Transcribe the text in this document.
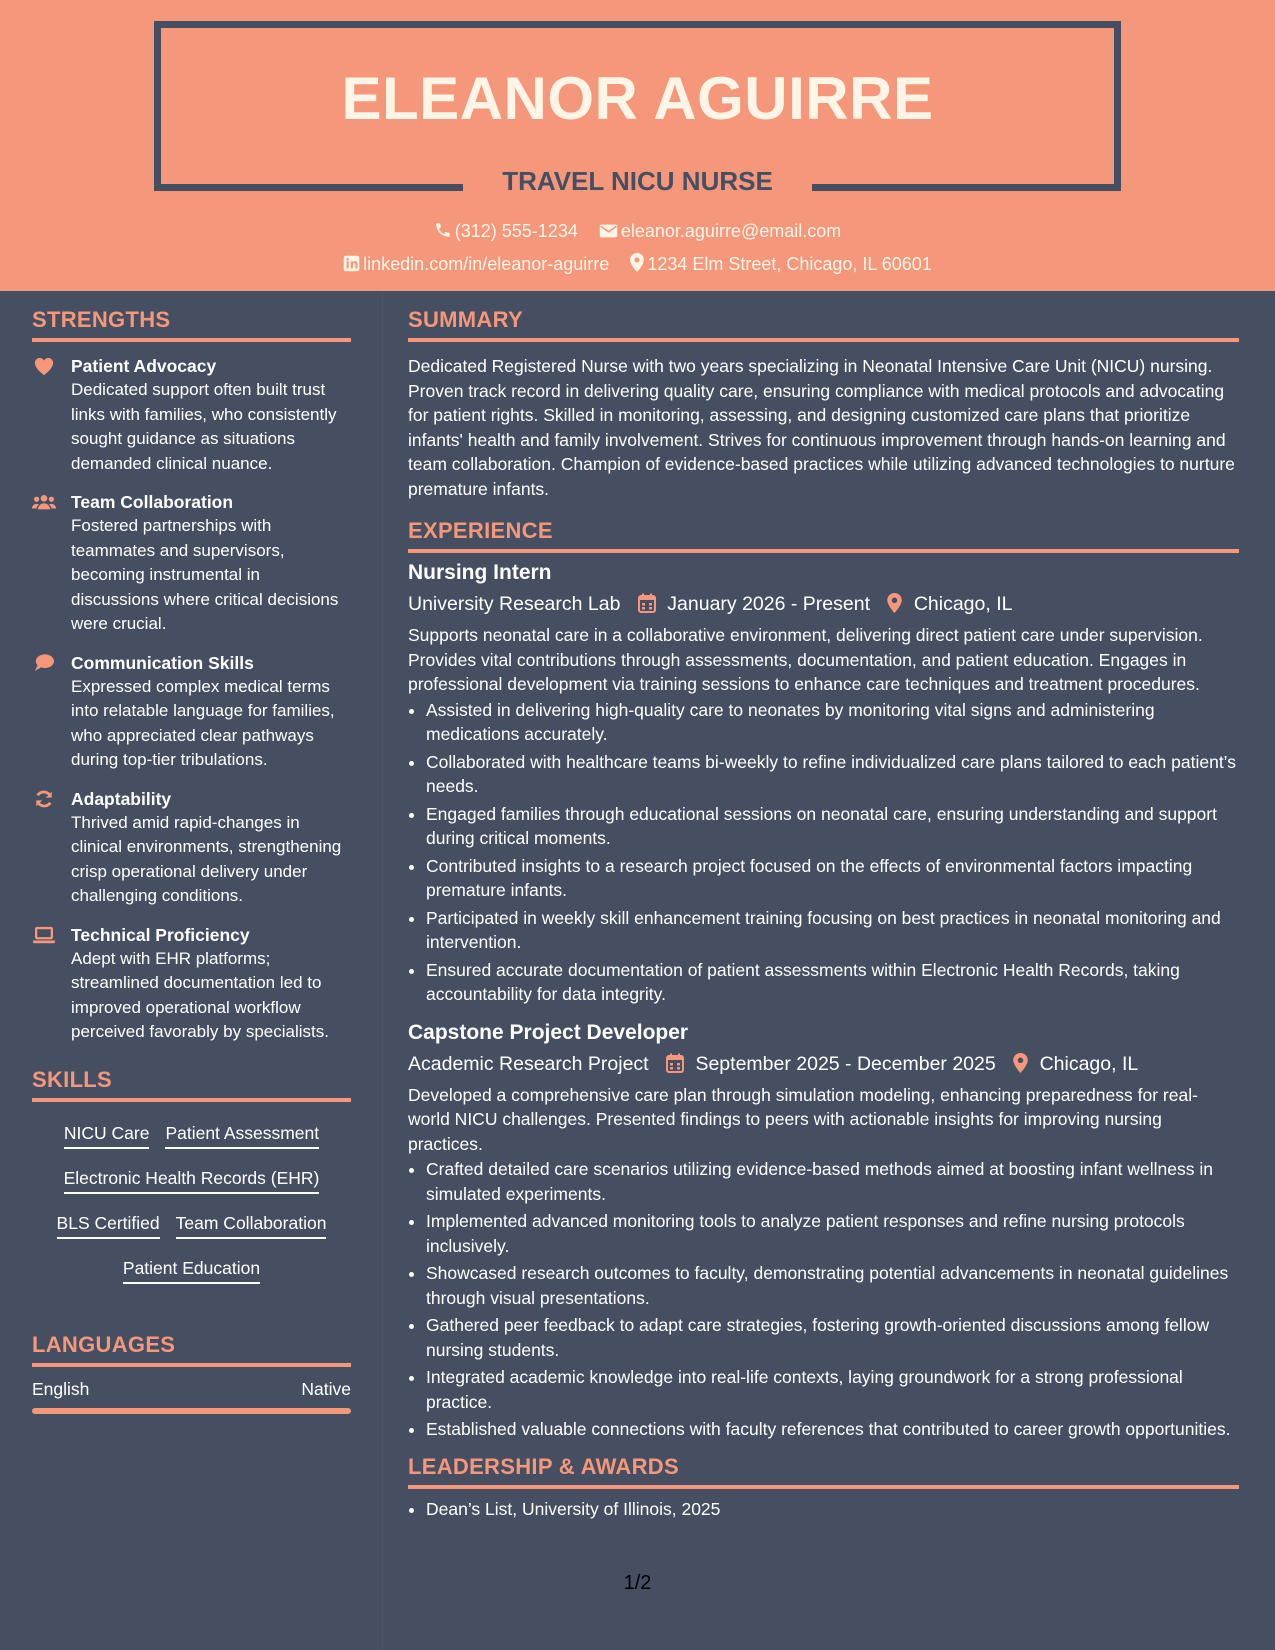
ELEANOR AGUIRRE
TRAVEL NICU NURSE
(312) 555-1234 eleanor.aguirre@email.com
linkedin.com/in/eleanor-aguirre 1234 Elm Street, Chicago, IL 60601
STRENGTHS
Patient Advocacy
Dedicated support often built trust links with families, who consistently sought guidance as situations demanded clinical nuance.
Team Collaboration
Fostered partnerships with teammates and supervisors, becoming instrumental in discussions where critical decisions were crucial.
Communication Skills
Expressed complex medical terms into relatable language for families, who appreciated clear pathways during top-tier tribulations.
Adaptability
Thrived amid rapid-changes in clinical environments, strengthening crisp operational delivery under challenging conditions.
Technical Proficiency
Adept with EHR platforms; streamlined documentation led to improved operational workflow perceived favorably by specialists.
SKILLS
NICU Care Patient Assessment
Electronic Health Records (EHR)
BLS Certified Team Collaboration
Patient Education
LANGUAGES
English	Native
SUMMARY
Dedicated Registered Nurse with two years specializing in Neonatal Intensive Care Unit (NICU) nursing. Proven track record in delivering quality care, ensuring compliance with medical protocols and advocating for patient rights. Skilled in monitoring, assessing, and designing customized care plans that prioritize infants' health and family involvement. Strives for continuous improvement through hands-on learning and team collaboration. Champion of evidence-based practices while utilizing advanced technologies to nurture premature infants.
EXPERIENCE
Nursing Intern
University Research Lab January 2026 - Present Chicago, IL
Supports neonatal care in a collaborative environment, delivering direct patient care under supervision. Provides vital contributions through assessments, documentation, and patient education. Engages in professional development via training sessions to enhance care techniques and treatment procedures.
• Assisted in delivering high-quality care to neonates by monitoring vital signs and administering medications accurately.
• Collaborated with healthcare teams bi-weekly to refine individualized care plans tailored to each patient’s needs.
• Engaged families through educational sessions on neonatal care, ensuring understanding and support during critical moments.
• Contributed insights to a research project focused on the effects of environmental factors impacting premature infants.
• Participated in weekly skill enhancement training focusing on best practices in neonatal monitoring and intervention.
• Ensured accurate documentation of patient assessments within Electronic Health Records, taking accountability for data integrity.
Capstone Project Developer
Academic Research Project September 2025 - December 2025 Chicago, IL
Developed a comprehensive care plan through simulation modeling, enhancing preparedness for real-world NICU challenges. Presented findings to peers with actionable insights for improving nursing practices.
• Crafted detailed care scenarios utilizing evidence-based methods aimed at boosting infant wellness in simulated experiments.
• Implemented advanced monitoring tools to analyze patient responses and refine nursing protocols inclusively.
• Showcased research outcomes to faculty, demonstrating potential advancements in neonatal guidelines through visual presentations.
• Gathered peer feedback to adapt care strategies, fostering growth-oriented discussions among fellow nursing students.
• Integrated academic knowledge into real-life contexts, laying groundwork for a strong professional practice.
• Established valuable connections with faculty references that contributed to career growth opportunities.
LEADERSHIP & AWARDS
• Dean’s List, University of Illinois, 2025
1/2
